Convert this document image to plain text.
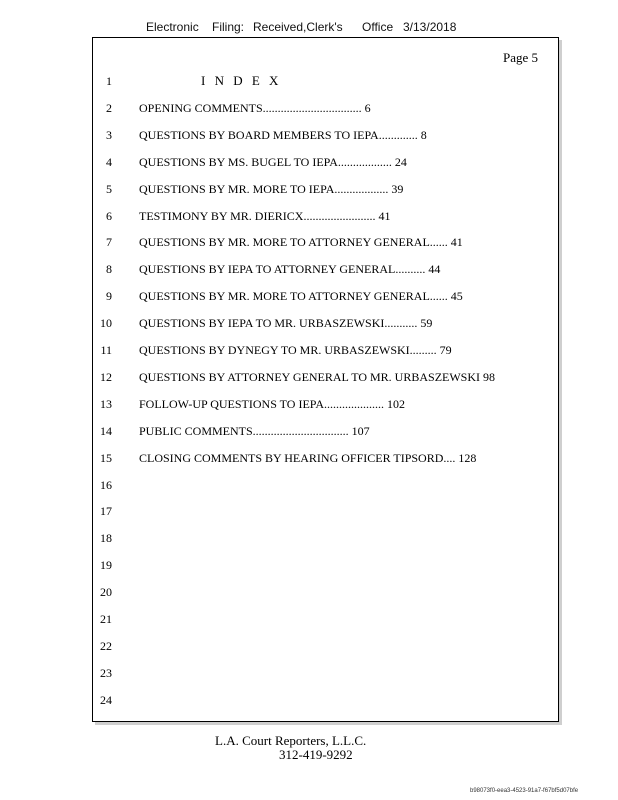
Electronic Filing: Received,Clerk's Office 3/13/2018
Page 5
I N D E X
1
2
3
4
5
6
7
8
9
10
11
12
13
14
15
16
17
18
19
20
21
22
23
24
OPENING COMMENTS................................. 6
QUESTIONS BY BOARD MEMBERS TO IEPA............. 8
QUESTIONS BY MS. BUGEL TO IEPA.................. 24
QUESTIONS BY MR. MORE TO IEPA.................. 39
TESTIMONY BY MR. DIERICX........................ 41
QUESTIONS BY MR. MORE TO ATTORNEY GENERAL...... 41
QUESTIONS BY IEPA TO ATTORNEY GENERAL.......... 44
QUESTIONS BY MR. MORE TO ATTORNEY GENERAL...... 45
QUESTIONS BY IEPA TO MR. URBASZEWSKI........... 59
QUESTIONS BY DYNEGY TO MR. URBASZEWSKI......... 79
QUESTIONS BY ATTORNEY GENERAL TO MR. URBASZEWSKI 98
FOLLOW-UP QUESTIONS TO IEPA.................... 102
PUBLIC COMMENTS................................ 107
CLOSING COMMENTS BY HEARING OFFICER TIPSORD.... 128
L.A. Court Reporters, L.L.C.
312-419-9292
b98073f0-eea3-4523-91a7-f67bf5d07bfe
